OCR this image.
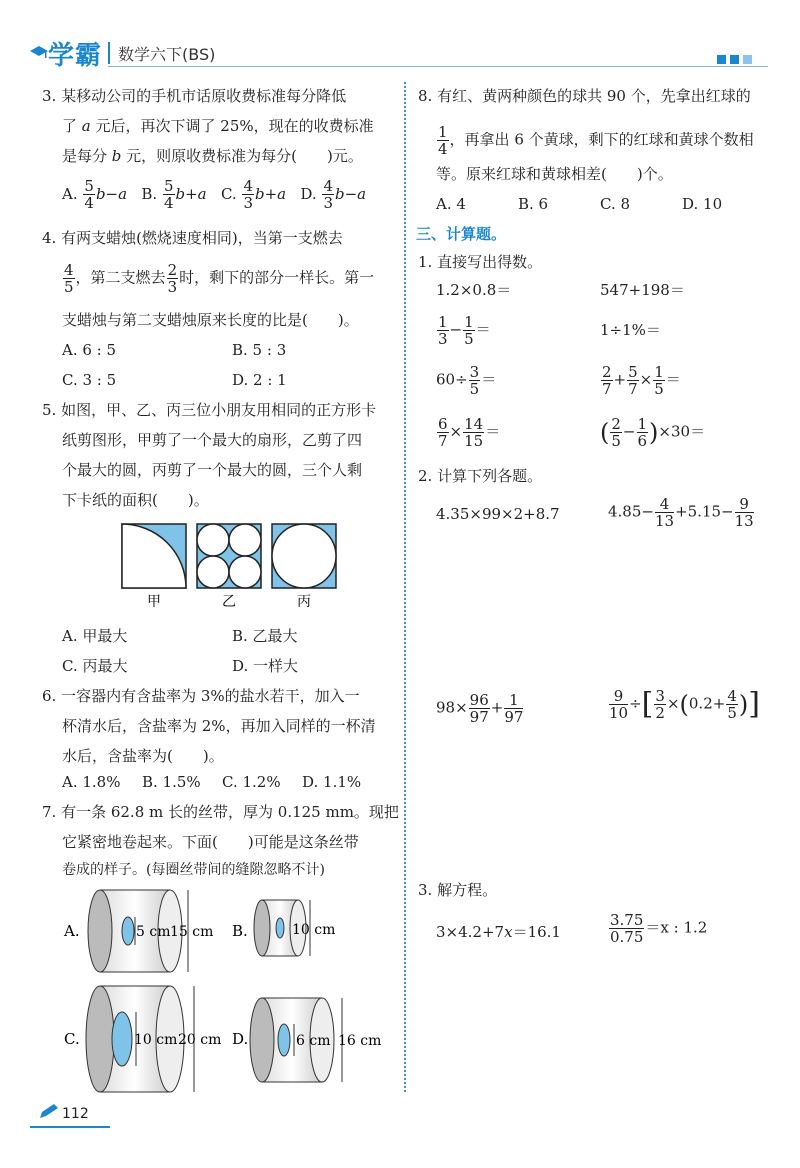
学霸 数学六下(BS)
3. 某移动公司的手机市话原收费标准每分降低
了 a 元后，再次下调了 25%，现在的收费标准
是每分 b 元，则原收费标准为每分(　　)元。
A. $\frac{5}{4} b-a$ B. $\frac{5}{4} b+a$ C. $\frac{4}{3} b+a$ D. $\frac{4}{3} b-a$
4. 有两支蜡烛(燃烧速度相同)，当第一支燃去
$\frac{4}{5}$ ，第二支燃去 $\frac{2}{3}$ 时，剩下的部分一样长。第一
支蜡烛与第二支蜡烛原来长度的比是(　　)。
A. 6 : 5	B. 5 : 3
C. 3 : 5	D. 2 : 1
5. 如图，甲、乙、丙三位小朋友用相同的正方形卡
纸剪图形，甲剪了一个最大的扇形，乙剪了四
个最大的圆，丙剪了一个最大的圆，三个人剩
下卡纸的面积(　　)。
甲	乙	丙
A. 甲最大	B. 乙最大
C. 丙最大	D. 一样大
6. 一容器内有含盐率为 3%的盐水若干，加入一
杯清水后，含盐率为 2%，再加入同样的一杯清
水后，含盐率为(　　)。
A. 1.8% B. 1.5% C. 1.2% D. 1.1%
7. 有一条 62.8 m 长的丝带，厚为 0.125 mm。现把
它紧密地卷起来。下面(　　)可能是这条丝带
卷成的样子。(每圈丝带间的缝隙忽略不计)
A.	5 cm 15 cm B.	10 cm
C.	10 cm 20 cm D.	6 cm 16 cm
8. 有红、黄两种颜色的球共 90 个，先拿出红球的
$\frac{1}{4}$ ，再拿出 6 个黄球，剩下的红球和黄球个数相
等。原来红球和黄球相差(　　)个。
A. 4	B. 6	C. 8	D. 10
三、计算题。
1. 直接写出得数。
1.2×0.8＝	547+198＝
$\frac{1}{3} - \frac{1}{5}$ ＝	1÷1%＝
$60\div \frac{3}{5}$ ＝	$\frac{2}{7} + \frac{5}{7} \times \frac{1}{5}$ ＝
$\frac{6}{7} \times \frac{14}{15}$ ＝	( $\frac{2}{5} - \frac{1}{6} )\times 30=$
2. 计算下列各题。
4.35×99×2+8.7	$4.85- \frac{4}{13} +5.15- \frac{9}{13}$
$98\times \frac{96}{97} + \frac{1}{97}$	$\frac{9}{10}$ ÷[ $\frac{3}{2} \times(0.2+ \frac{4}{5}$ )]
3. 解方程。
3×4.2+7x＝16.1	$\frac{3.75}{0.75} =x$ : 1.2
112
